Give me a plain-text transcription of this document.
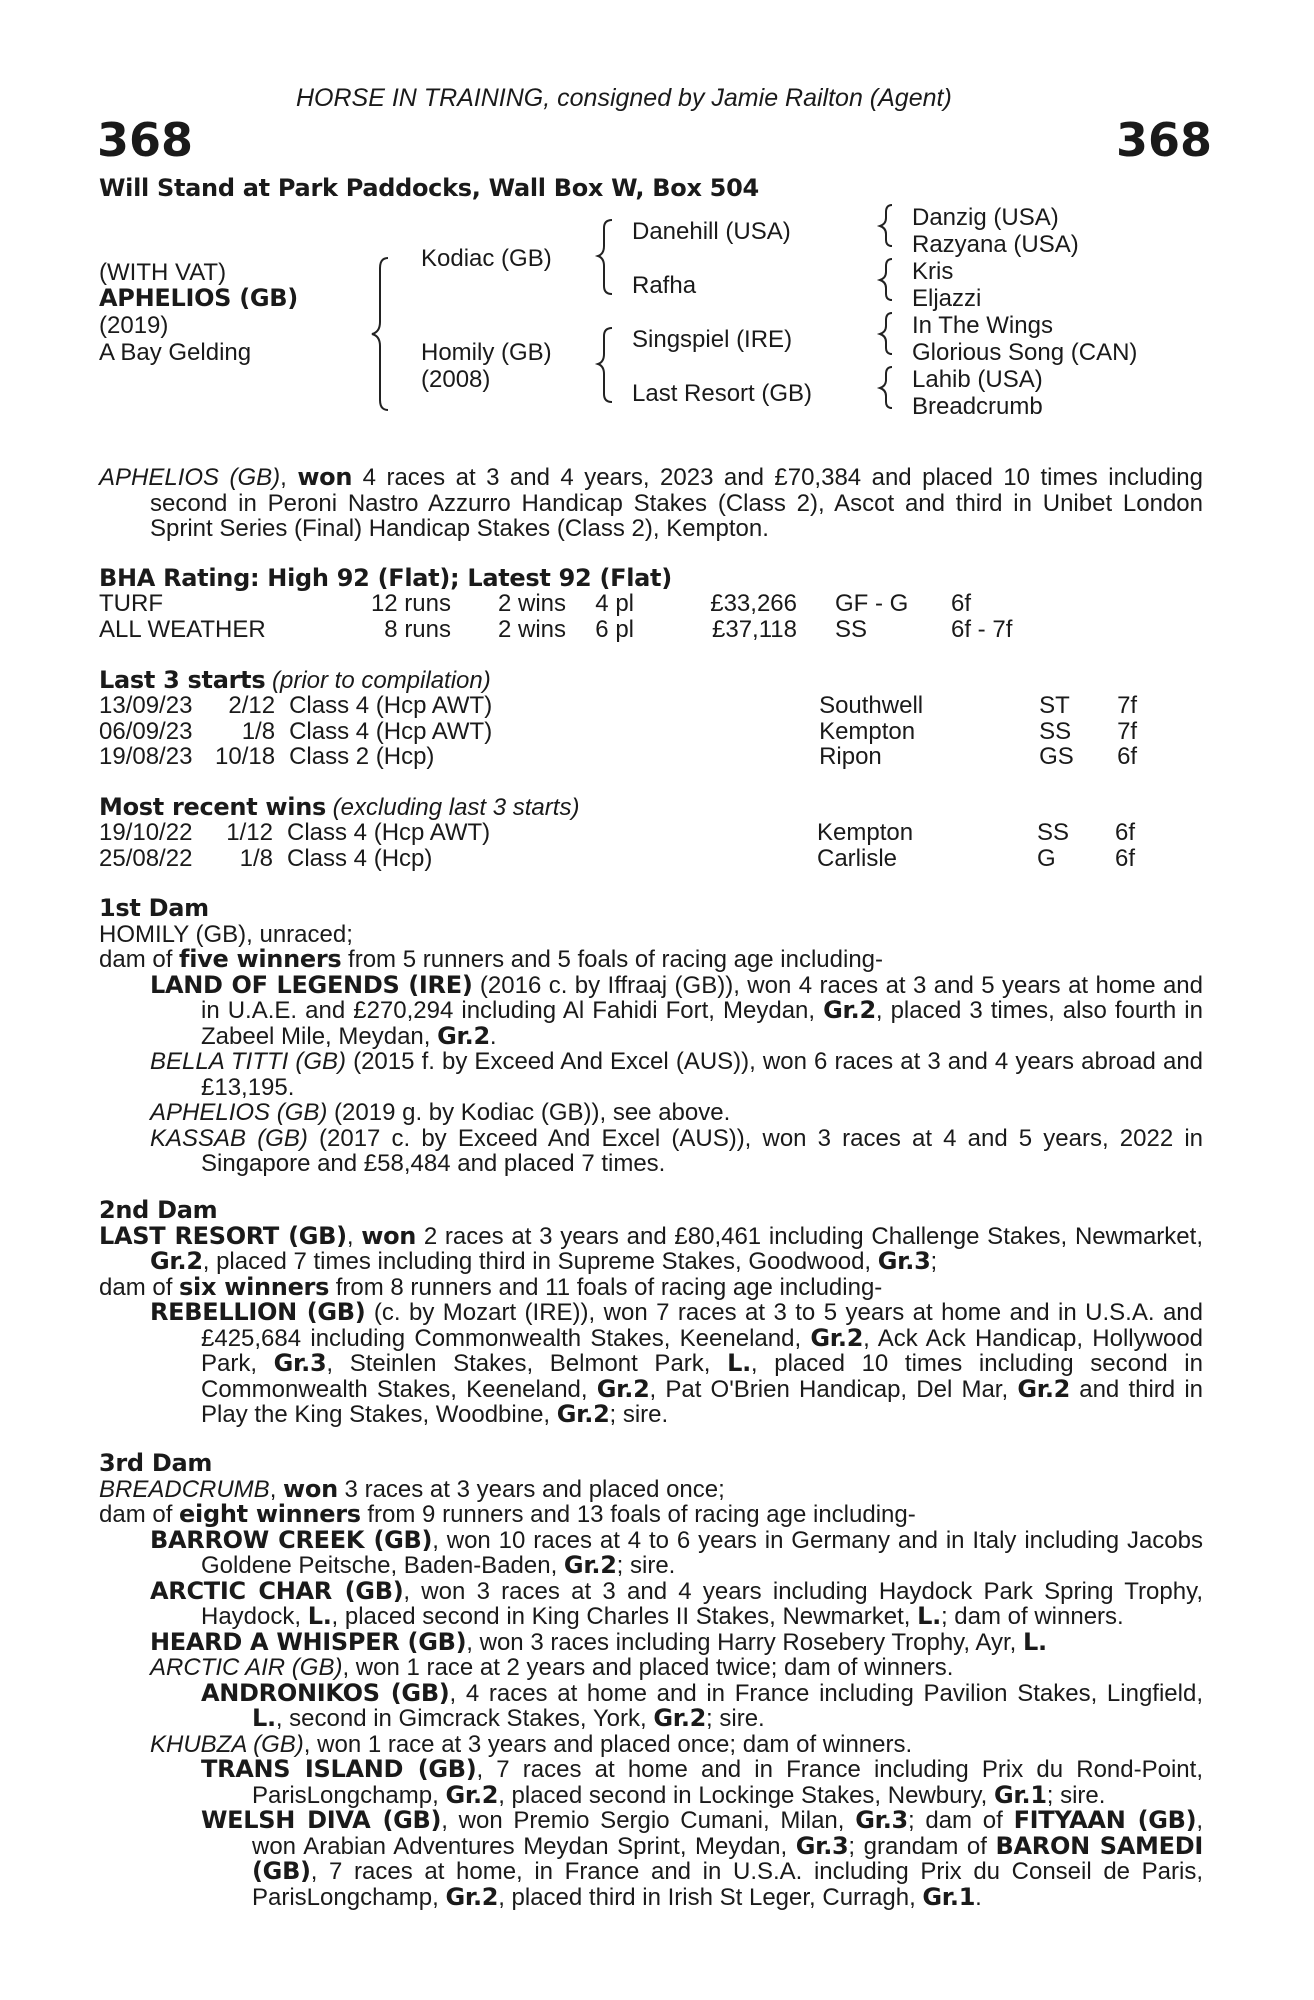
HORSE IN TRAINING, consigned by Jamie Railton (Agent)
368	368
Will Stand at Park Paddocks, Wall Box W, Box 504
(WITH VAT)
APHELIOS (GB)
(2019)
A Bay Gelding
Kodiac (GB)
Homily (GB)
(2008)
Danehill (USA)
Rafha
Singspiel (IRE)
Last Resort (GB)
Danzig (USA)
Razyana (USA)
Kris
Eljazzi
In The Wings
Glorious Song (CAN)
Lahib (USA)
Breadcrumb

APHELIOS (GB), won 4 races at 3 and 4 years, 2023 and £70,384 and placed 10 times including second in Peroni Nastro Azzurro Handicap Stakes (Class 2), Ascot and third in Unibet London Sprint Series (Final) Handicap Stakes (Class 2), Kempton.

BHA Rating: High 92 (Flat); Latest 92 (Flat)
TURF	12 runs	2 wins	4 pl	£33,266		GF - G	6f
ALL WEATHER	8 runs	2 wins	6 pl	£37,118		SS	6f - 7f
Last 3 starts (prior to compilation)
13/09/23	2/12		Class 4 (Hcp AWT)	Southwell	ST	7f
06/09/23	1/8		Class 4 (Hcp AWT)	Kempton	SS	7f
19/08/23	10/18		Class 2 (Hcp)	Ripon	GS	6f
Most recent wins (excluding last 3 starts)
19/10/22	1/12		Class 4 (Hcp AWT)	Kempton	SS	6f
25/08/22	1/8		Class 4 (Hcp)	Carlisle	G	6f

1st Dam

HOMILY (GB), unraced;

dam of five winners from 5 runners and 5 foals of racing age including-

LAND OF LEGENDS (IRE) (2016 c. by Iffraaj (GB)), won 4 races at 3 and 5 years at home and in U.A.E. and £270,294 including Al Fahidi Fort, Meydan, Gr.2, placed 3 times, also fourth in Zabeel Mile, Meydan, Gr.2.

BELLA TITTI (GB) (2015 f. by Exceed And Excel (AUS)), won 6 races at 3 and 4 years abroad and £13,195.

APHELIOS (GB) (2019 g. by Kodiac (GB)), see above.

KASSAB (GB) (2017 c. by Exceed And Excel (AUS)), won 3 races at 4 and 5 years, 2022 in Singapore and £58,484 and placed 7 times.

2nd Dam

LAST RESORT (GB), won 2 races at 3 years and £80,461 including Challenge Stakes, Newmarket, Gr.2, placed 7 times including third in Supreme Stakes, Goodwood, Gr.3;

dam of six winners from 8 runners and 11 foals of racing age including-

REBELLION (GB) (c. by Mozart (IRE)), won 7 races at 3 to 5 years at home and in U.S.A. and £425,684 including Commonwealth Stakes, Keeneland, Gr.2, Ack Ack Handicap, Hollywood Park, Gr.3, Steinlen Stakes, Belmont Park, L., placed 10 times including second in Commonwealth Stakes, Keeneland, Gr.2, Pat O'Brien Handicap, Del Mar, Gr.2 and third in Play the King Stakes, Woodbine, Gr.2; sire.

3rd Dam

BREADCRUMB, won 3 races at 3 years and placed once;

dam of eight winners from 9 runners and 13 foals of racing age including-

BARROW CREEK (GB), won 10 races at 4 to 6 years in Germany and in Italy including Jacobs Goldene Peitsche, Baden-Baden, Gr.2; sire.

ARCTIC CHAR (GB), won 3 races at 3 and 4 years including Haydock Park Spring Trophy, Haydock, L., placed second in King Charles II Stakes, Newmarket, L.; dam of winners.

HEARD A WHISPER (GB), won 3 races including Harry Rosebery Trophy, Ayr, L.

ARCTIC AIR (GB), won 1 race at 2 years and placed twice; dam of winners.

ANDRONIKOS (GB), 4 races at home and in France including Pavilion Stakes, Lingfield, L., second in Gimcrack Stakes, York, Gr.2; sire.

KHUBZA (GB), won 1 race at 3 years and placed once; dam of winners.

TRANS ISLAND (GB), 7 races at home and in France including Prix du Rond-Point, ParisLongchamp, Gr.2, placed second in Lockinge Stakes, Newbury, Gr.1; sire.

WELSH DIVA (GB), won Premio Sergio Cumani, Milan, Gr.3; dam of FITYAAN (GB), won Arabian Adventures Meydan Sprint, Meydan, Gr.3; grandam of BARON SAMEDI (GB), 7 races at home, in France and in U.S.A. including Prix du Conseil de Paris, ParisLongchamp, Gr.2, placed third in Irish St Leger, Curragh, Gr.1.
